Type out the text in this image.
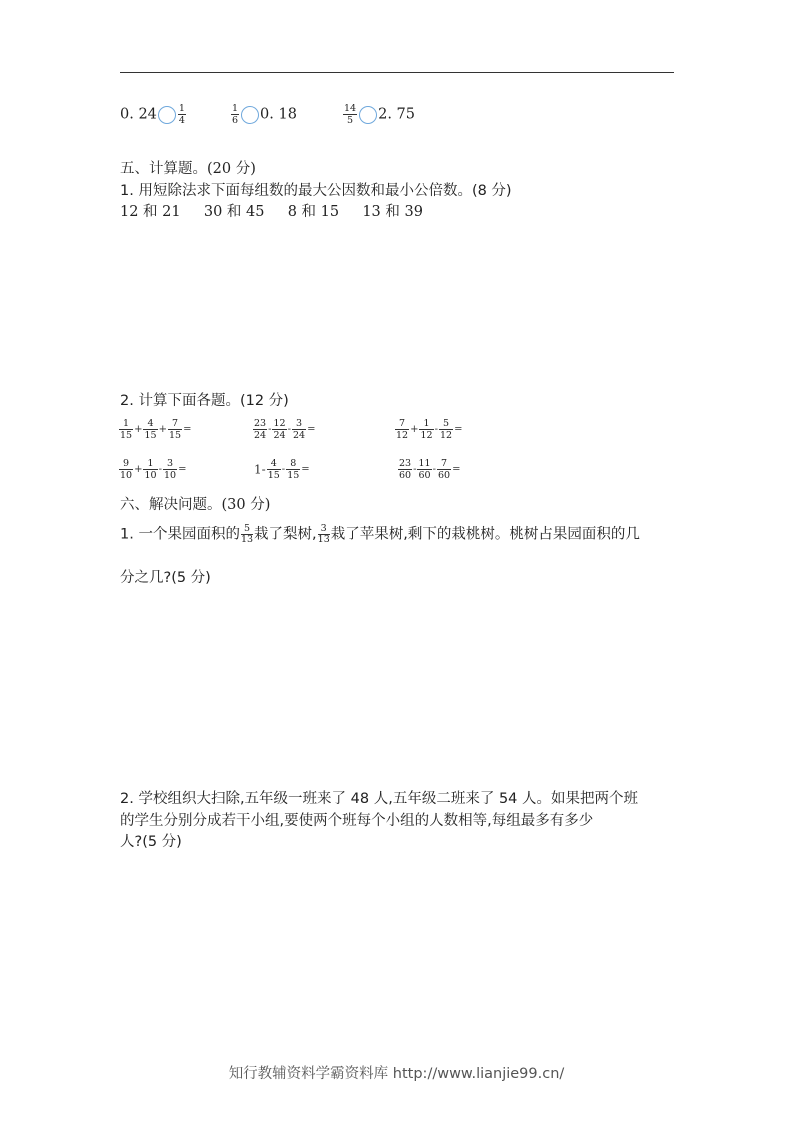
0. $24 \frac{1}{4}$	$\frac{1}{6} 0$. 18	$\frac{14}{5} 2$. 75
五、计算题。(20 分)
1. 用短除法求下面每组数的最大公因数和最小公倍数。(8 分)
12 和 21 30 和 45 8 和 15 13 和 39
2. 计算下面各题。(12 分)
$\frac{1}{15} + \frac{4}{15} + \frac{7}{15}$ =	$\frac{23}{24} - \frac{12}{24} - \frac{3}{24}$ =	$\frac{7}{12} + \frac{1}{12} - \frac{5}{12}$ =
$\frac{9}{10} + \frac{1}{10} - \frac{3}{10}$ =	$1- \frac{4}{15} - \frac{8}{15}$ =	$\frac{23}{60} - \frac{11}{60} - \frac{7}{60}$ =
六、解决问题。(30 分)
1. 一个果园面积的 $\frac{5}{13}$ 栽了梨树, $\frac{3}{13}$ 栽了苹果树,剩下的栽桃树。桃树占果园面积的几
分之几?(5 分)
2. 学校组织大扫除,五年级一班来了 48 人,五年级二班来了 54 人。如果把两个班
的学生分别分成若干小组,要使两个班每个小组的人数相等,每组最多有多少
人?(5 分)
知行教辅资料学霸资料库 http://www.lianjie99.cn/
